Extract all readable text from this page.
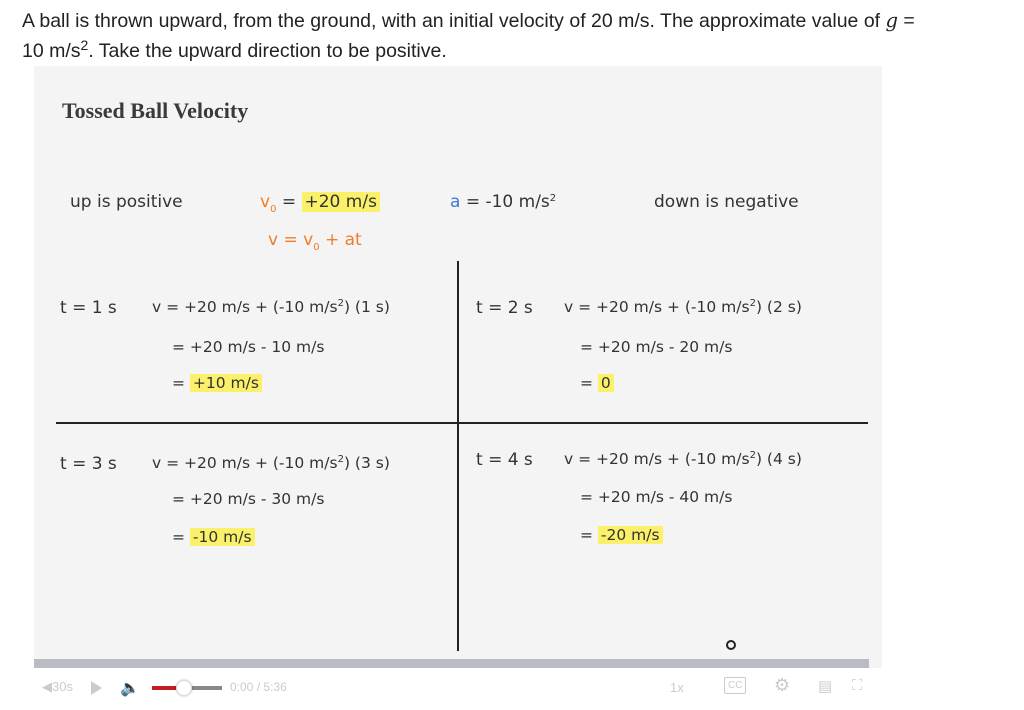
A ball is thrown upward, from the ground, with an initial velocity of 20 m/s. The approximate value of g =
10 $m/s^2$. Take the upward direction to be positive.
Tossed Ball Velocity
up is positive	down is negative
$v_0 = +20$ m/s
$v = v_0$ + at
a = -10 $m/s^2$
t = 1 s v = +20 m/s + (-10 $m/s^2$) (1 s)
= +20 m/s - 10 m/s
= +10 m/s
t = 2 s v = +20 m/s + (-10 $m/s^2$) (2 s)
= +20 m/s - 20 m/s
= 0
t = 3 s v = +20 m/s + (-10 $m/s^2$) (3 s)
= +20 m/s - 30 m/s
= -10 m/s
t = 4 s v = +20 m/s + (-10 $m/s^2$) (4 s)
= +20 m/s - 40 m/s
= -20 m/s
◀30s	🔈	0:00 / 5:36	1x	CC ⚙ ▤ ⛶
